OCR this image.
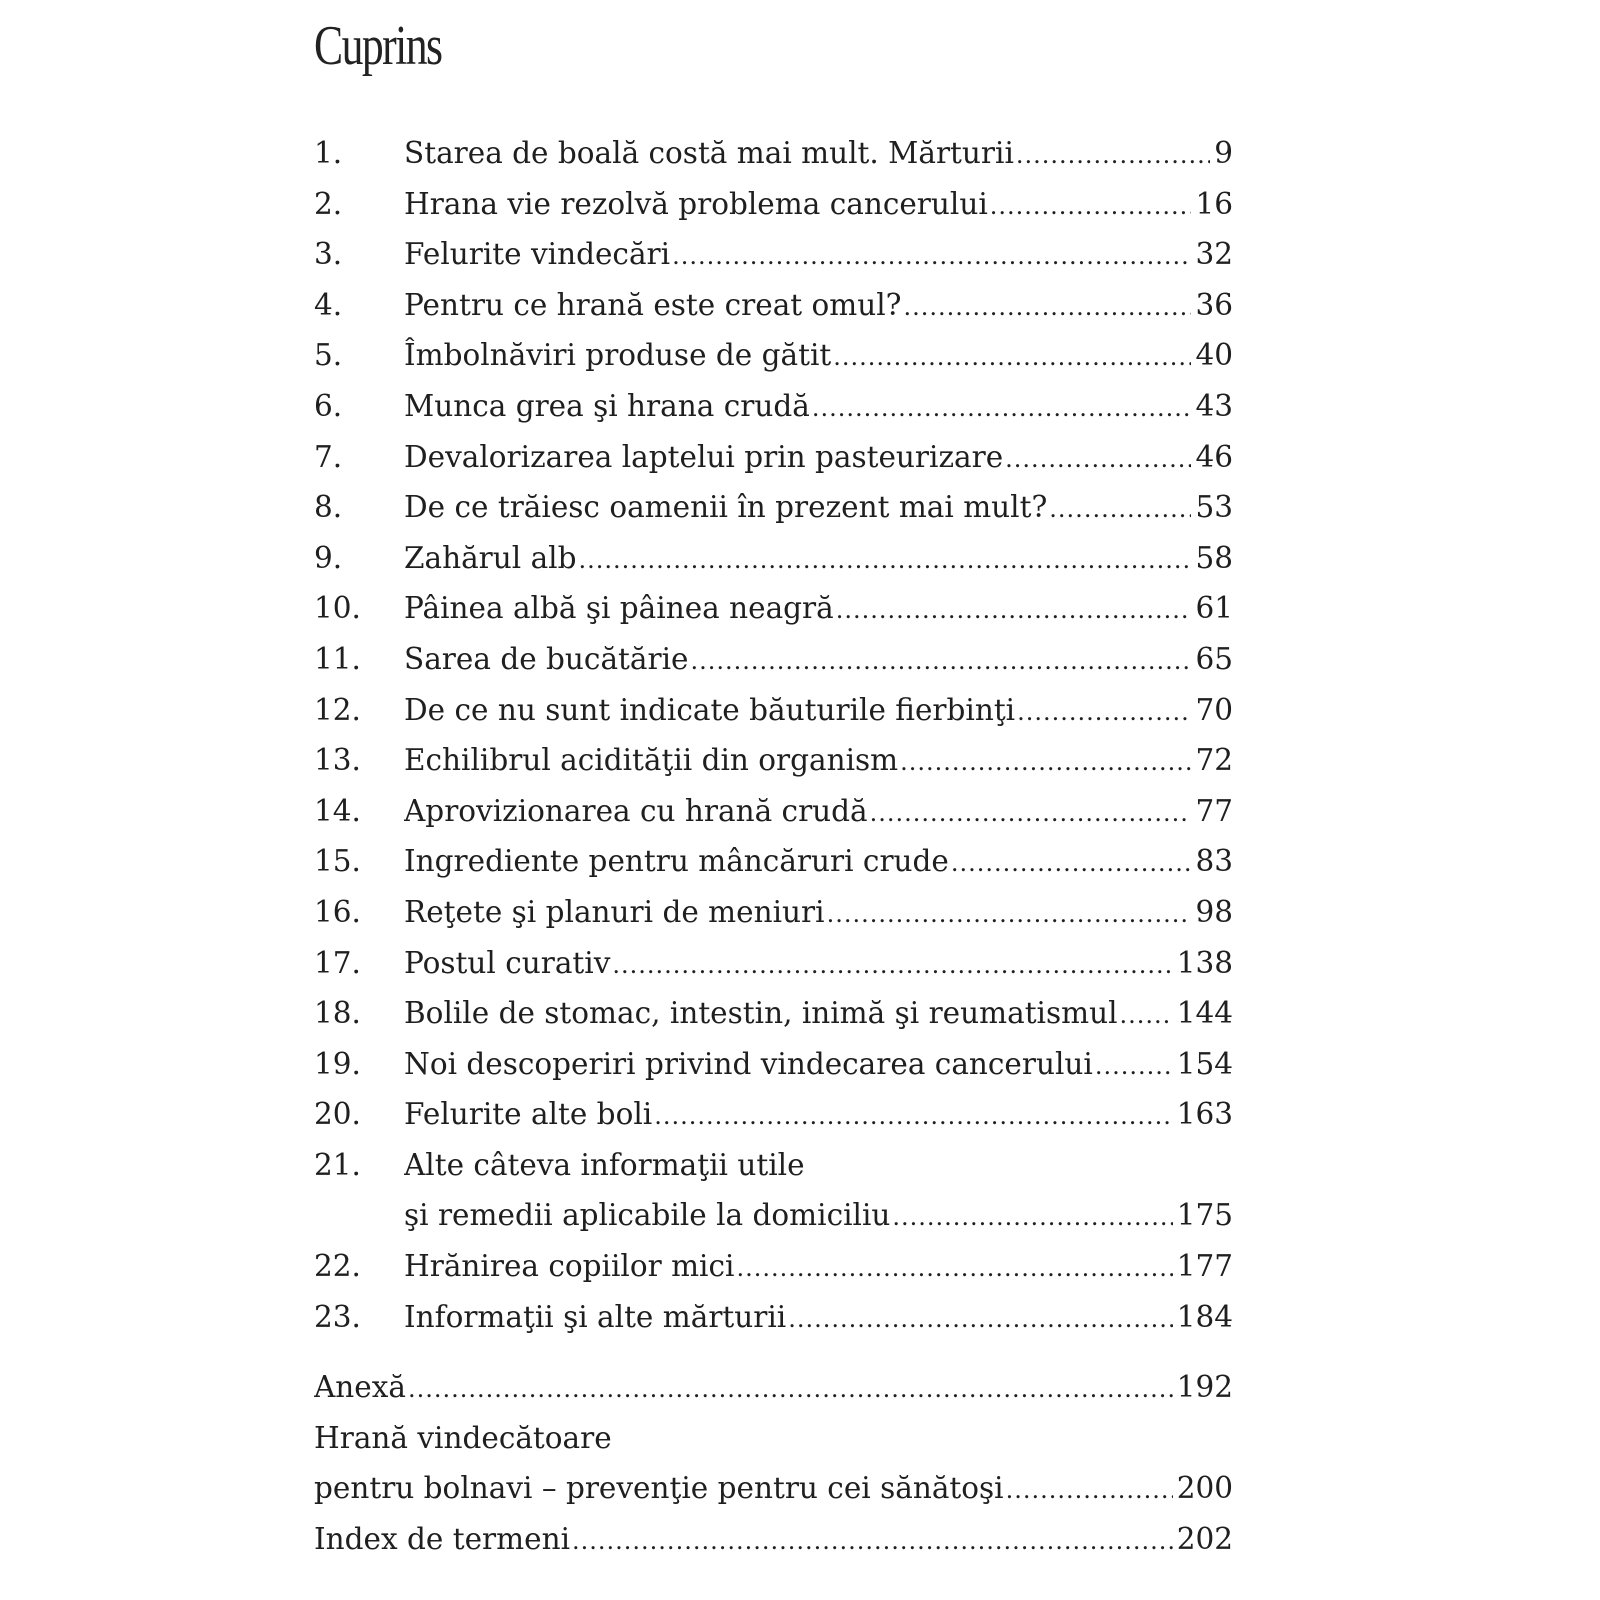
Cuprins
1.	Starea de boală costă mai mult. Mărturii .....	9
2.	Hrana vie rezolvă problema cancerului .....	16
3.	Felurite vindecări .....	32
4.	Pentru ce hrană este creat omul? .....	36
5.	Îmbolnăviri produse de gătit .....	40
6.	Munca grea şi hrana crudă .....	43
7.	Devalorizarea laptelui prin pasteurizare .....	46
8.	De ce trăiesc oamenii în prezent mai mult? .....	53
9.	Zahărul alb .....	58
10.	Pâinea albă şi pâinea neagră .....	61
11.	Sarea de bucătărie .....	65
12.	De ce nu sunt indicate băuturile fierbinţi .....	70
13.	Echilibrul acidităţii din organism .....	72
14.	Aprovizionarea cu hrană crudă .....	77
15.	Ingrediente pentru mâncăruri crude .....	83
16.	Reţete şi planuri de meniuri .....	98
17.	Postul curativ .....	138
18.	Bolile de stomac, intestin, inimă şi reumatismul ..... 144
19.	Noi descoperiri privind vindecarea cancerului .....	154
20.	Felurite alte boli .....	163
21.	Alte câteva informaţii utile
şi remedii aplicabile la domiciliu .....	175
22.	Hrănirea copiilor mici .....	177
23.	Informaţii şi alte mărturii .....	184
Anexă .....	192
Hrană vindecătoare
pentru bolnavi – prevenţie pentru cei sănătoşi .....	200
Index de termeni .....	202
